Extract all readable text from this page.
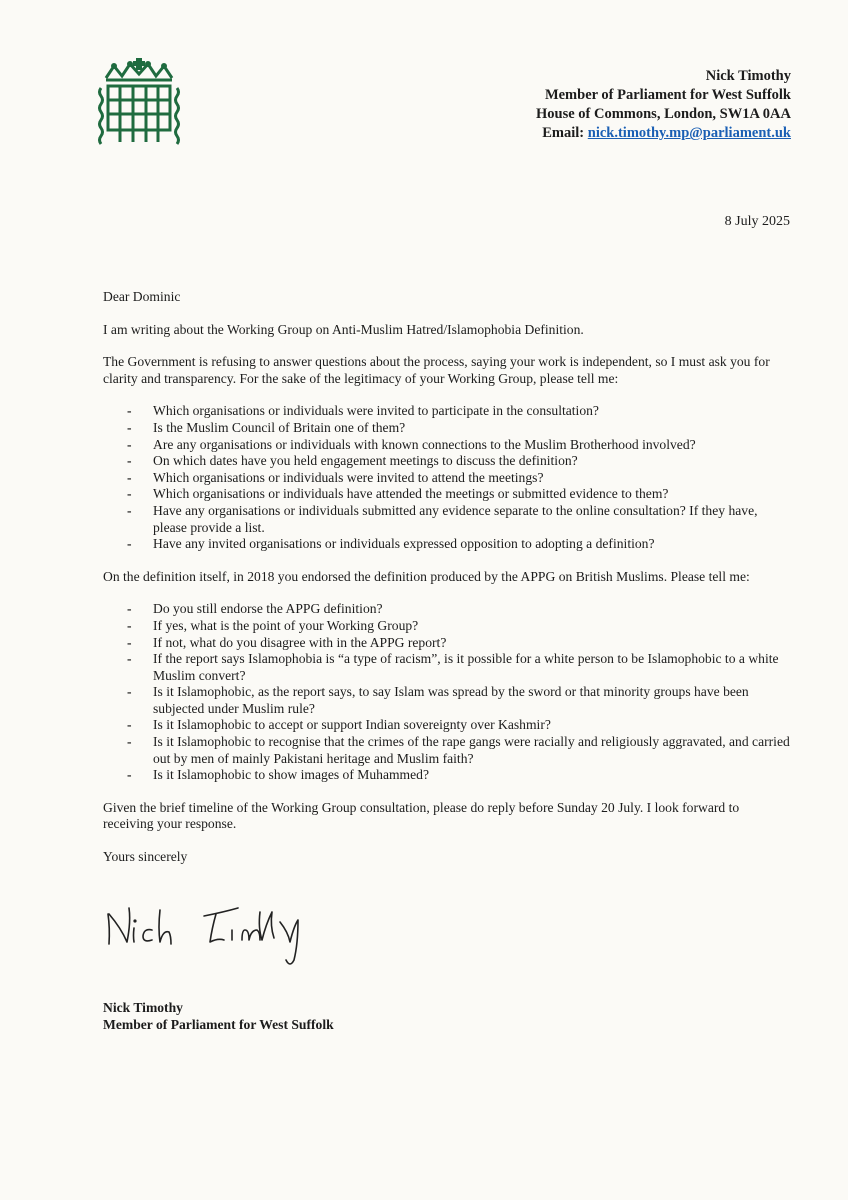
Nick Timothy
Member of Parliament for West Suffolk
House of Commons, London, SW1A 0AA
Email: nick.timothy.mp@parliament.uk
8 July 2025

Dear Dominic

I am writing about the Working Group on Anti-Muslim Hatred/Islamophobia Definition.

The Government is refusing to answer questions about the process, saying your work is independent, so I must ask you for clarity and transparency. For the sake of the legitimacy of your Working Group, please tell me:

- Which organisations or individuals were invited to participate in the consultation?
- Is the Muslim Council of Britain one of them?
- Are any organisations or individuals with known connections to the Muslim Brotherhood involved?
- On which dates have you held engagement meetings to discuss the definition?
- Which organisations or individuals were invited to attend the meetings?
- Which organisations or individuals have attended the meetings or submitted evidence to them?
- Have any organisations or individuals submitted any evidence separate to the online consultation? If they have, please provide a list.
- Have any invited organisations or individuals expressed opposition to adopting a definition?

On the definition itself, in 2018 you endorsed the definition produced by the APPG on British Muslims. Please tell me:

- Do you still endorse the APPG definition?
- If yes, what is the point of your Working Group?
- If not, what do you disagree with in the APPG report?
- If the report says Islamophobia is “a type of racism”, is it possible for a white person to be Islamophobic to a white Muslim convert?
- Is it Islamophobic, as the report says, to say Islam was spread by the sword or that minority groups have been subjected under Muslim rule?
- Is it Islamophobic to accept or support Indian sovereignty over Kashmir?
- Is it Islamophobic to recognise that the crimes of the rape gangs were racially and religiously aggravated, and carried out by men of mainly Pakistani heritage and Muslim faith?
- Is it Islamophobic to show images of Muhammed?

Given the brief timeline of the Working Group consultation, please do reply before Sunday 20 July. I look forward to receiving your response.

Yours sincerely

Nick Timothy
Member of Parliament for West Suffolk
